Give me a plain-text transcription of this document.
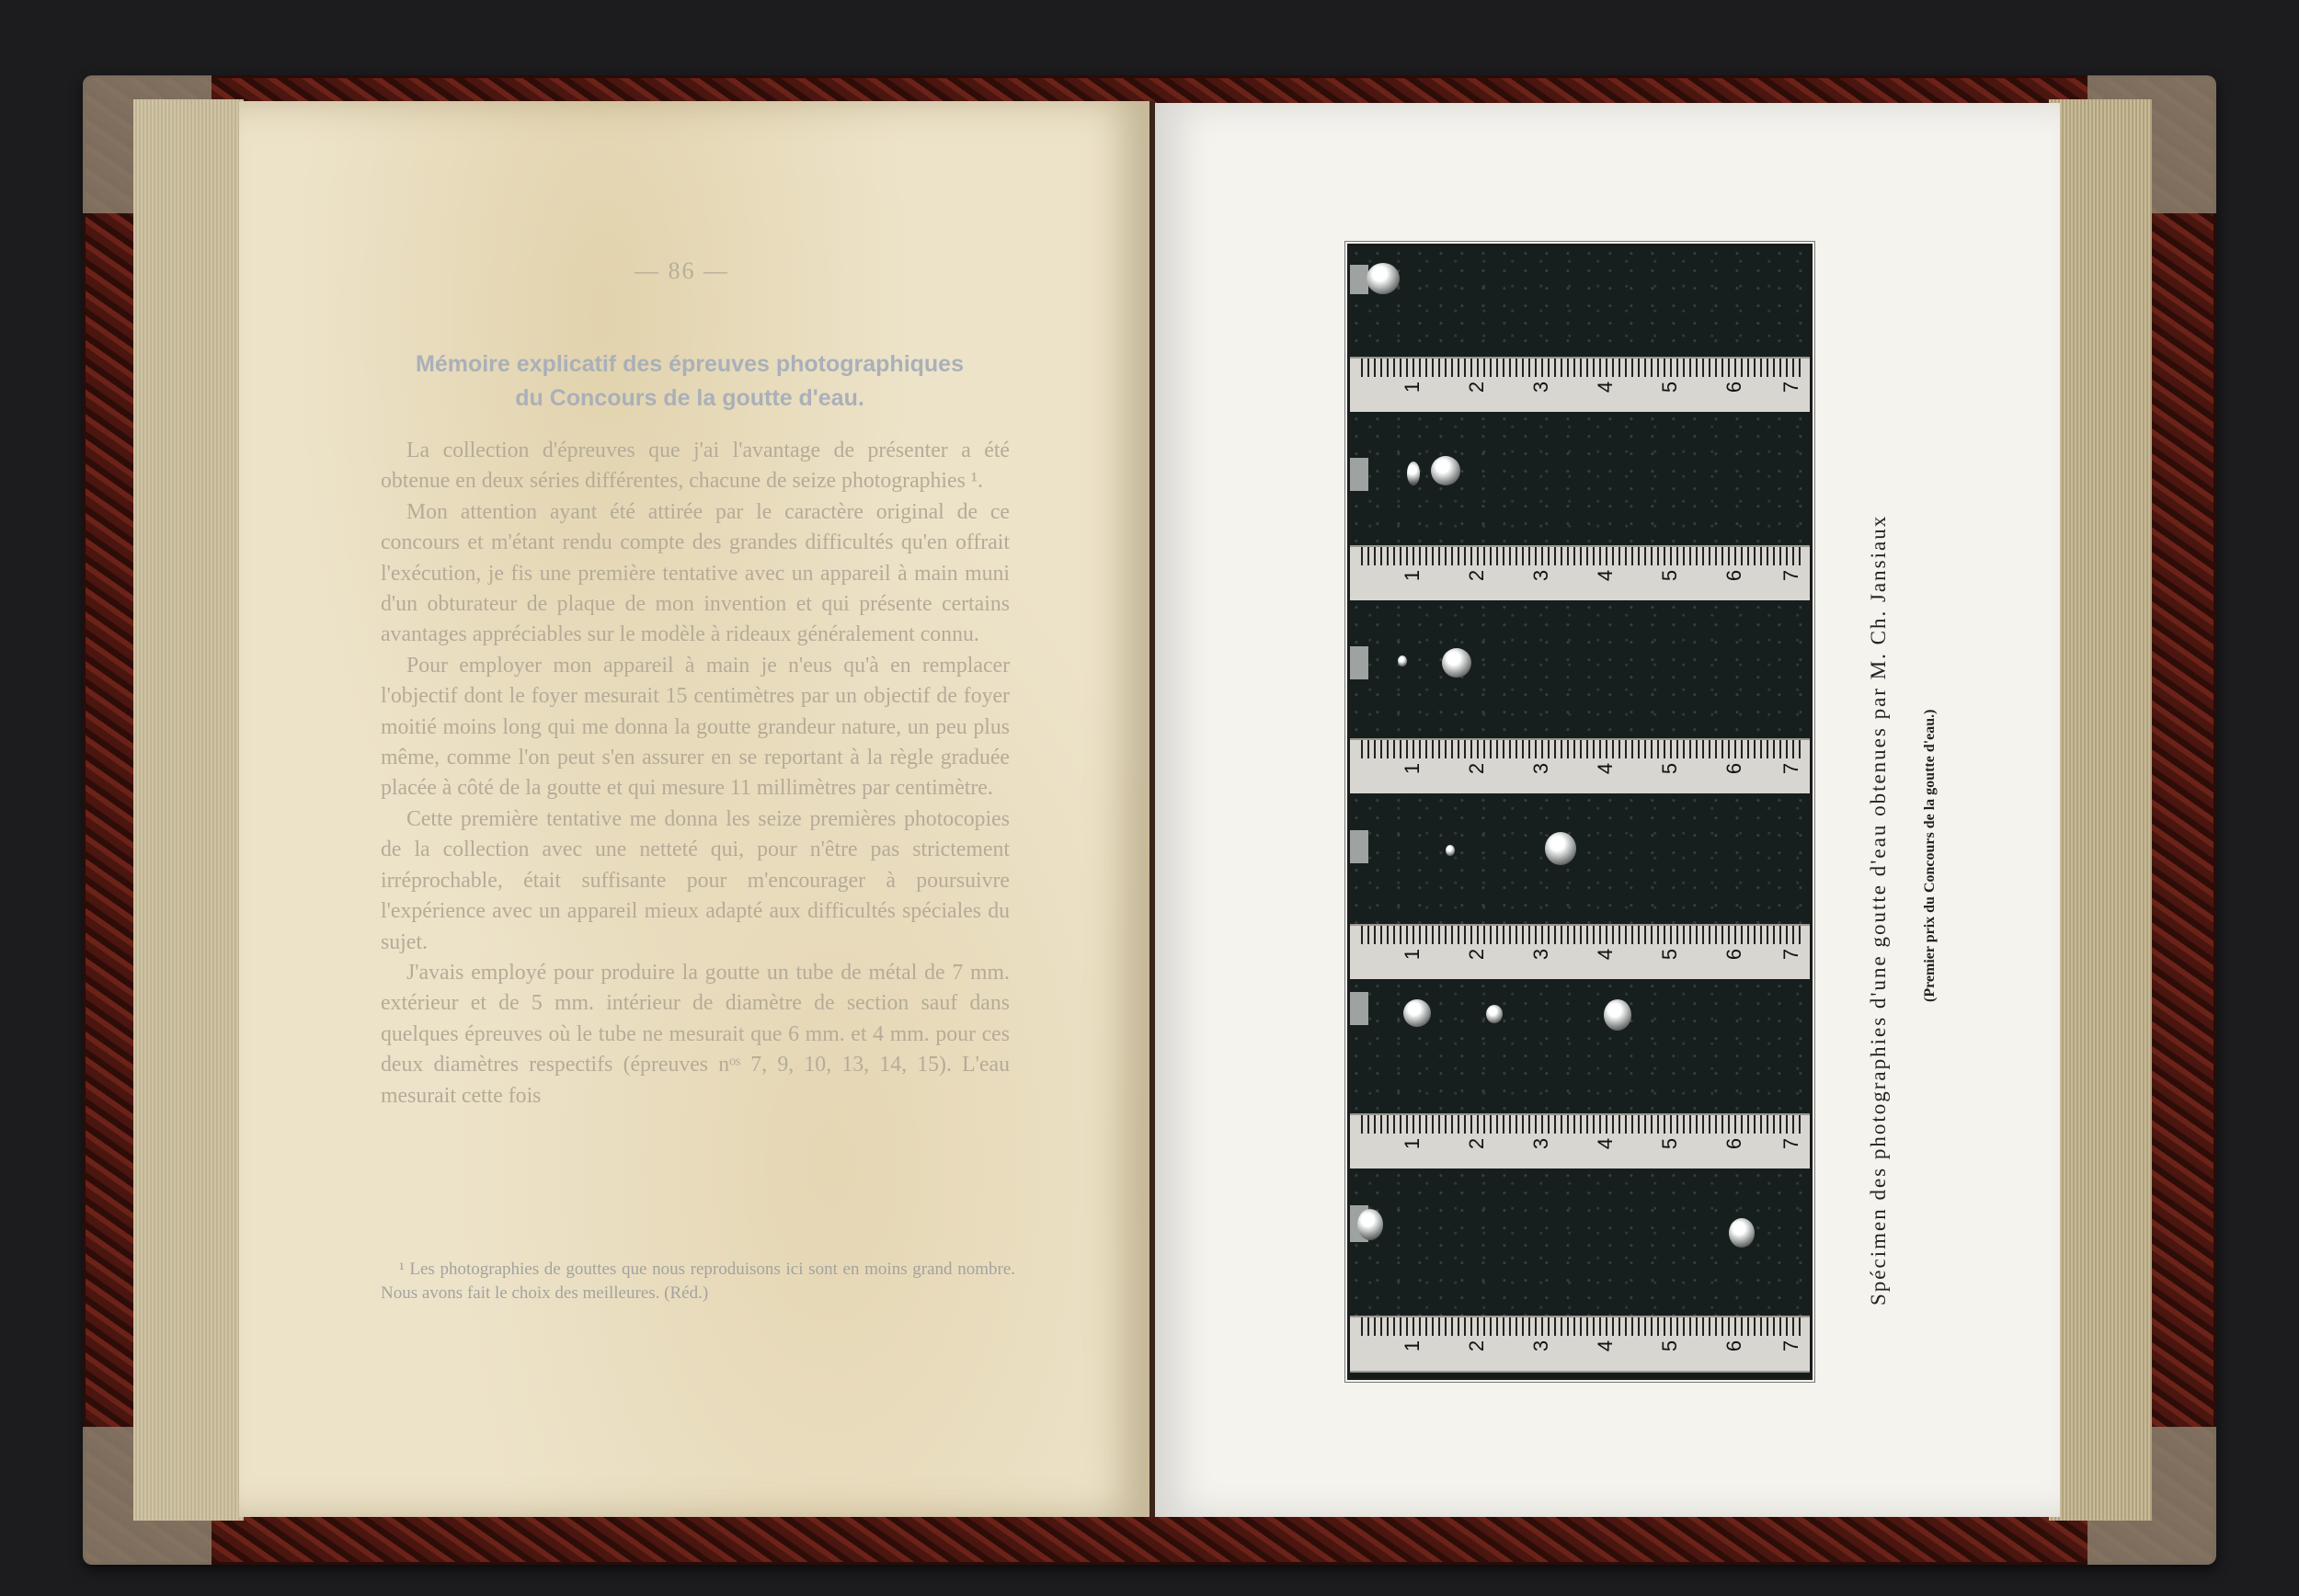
— 86 —
Mémoire explicatif des épreuves photographiques
du Concours de la goutte d'eau.

La collection d'épreuves que j'ai l'avantage de présenter a été obtenue en deux séries différentes, chacune de seize photographies ¹.

Mon attention ayant été attirée par le caractère original de ce concours et m'étant rendu compte des grandes difficultés qu'en offrait l'exécution, je fis une première tentative avec un appareil à main muni d'un obturateur de plaque de mon invention et qui présente certains avantages appréciables sur le modèle à rideaux généralement connu.

Pour employer mon appareil à main je n'eus qu'à en remplacer l'objectif dont le foyer mesurait 15 centimètres par un objectif de foyer moitié moins long qui me donna la goutte grandeur nature, un peu plus même, comme l'on peut s'en assurer en se reportant à la règle graduée placée à côté de la goutte et qui mesure 11 millimètres par centimètre.

Cette première tentative me donna les seize premières photocopies de la collection avec une netteté qui, pour n'être pas strictement irréprochable, était suffisante pour m'encourager à poursuivre l'expérience avec un appareil mieux adapté aux difficultés spéciales du sujet.

J'avais employé pour produire la goutte un tube de métal de 7 mm. extérieur et de 5 mm. intérieur de diamètre de section sauf dans quelques épreuves où le tube ne mesurait que 6 mm. et 4 mm. pour ces deux diamètres respectifs (épreuves nᵒˢ 7, 9, 10, 13, 14, 15). L'eau mesurait cette fois

¹ Les photographies de gouttes que nous reproduisons ici sont en moins grand nombre. Nous avons fait le choix des meilleures. (Réd.)
1 2 3 4 5 6 7
1 2 3 4 5 6 7
1 2 3 4 5 6 7
1 2 3 4 5 6 7
1 2 3 4 5 6 7
1 2 3 4 5 6 7
Spécimen des photographies d'une goutte d'eau obtenues par M. Ch. Jansiaux	(Premier prix du Concours de la goutte d'eau.)
